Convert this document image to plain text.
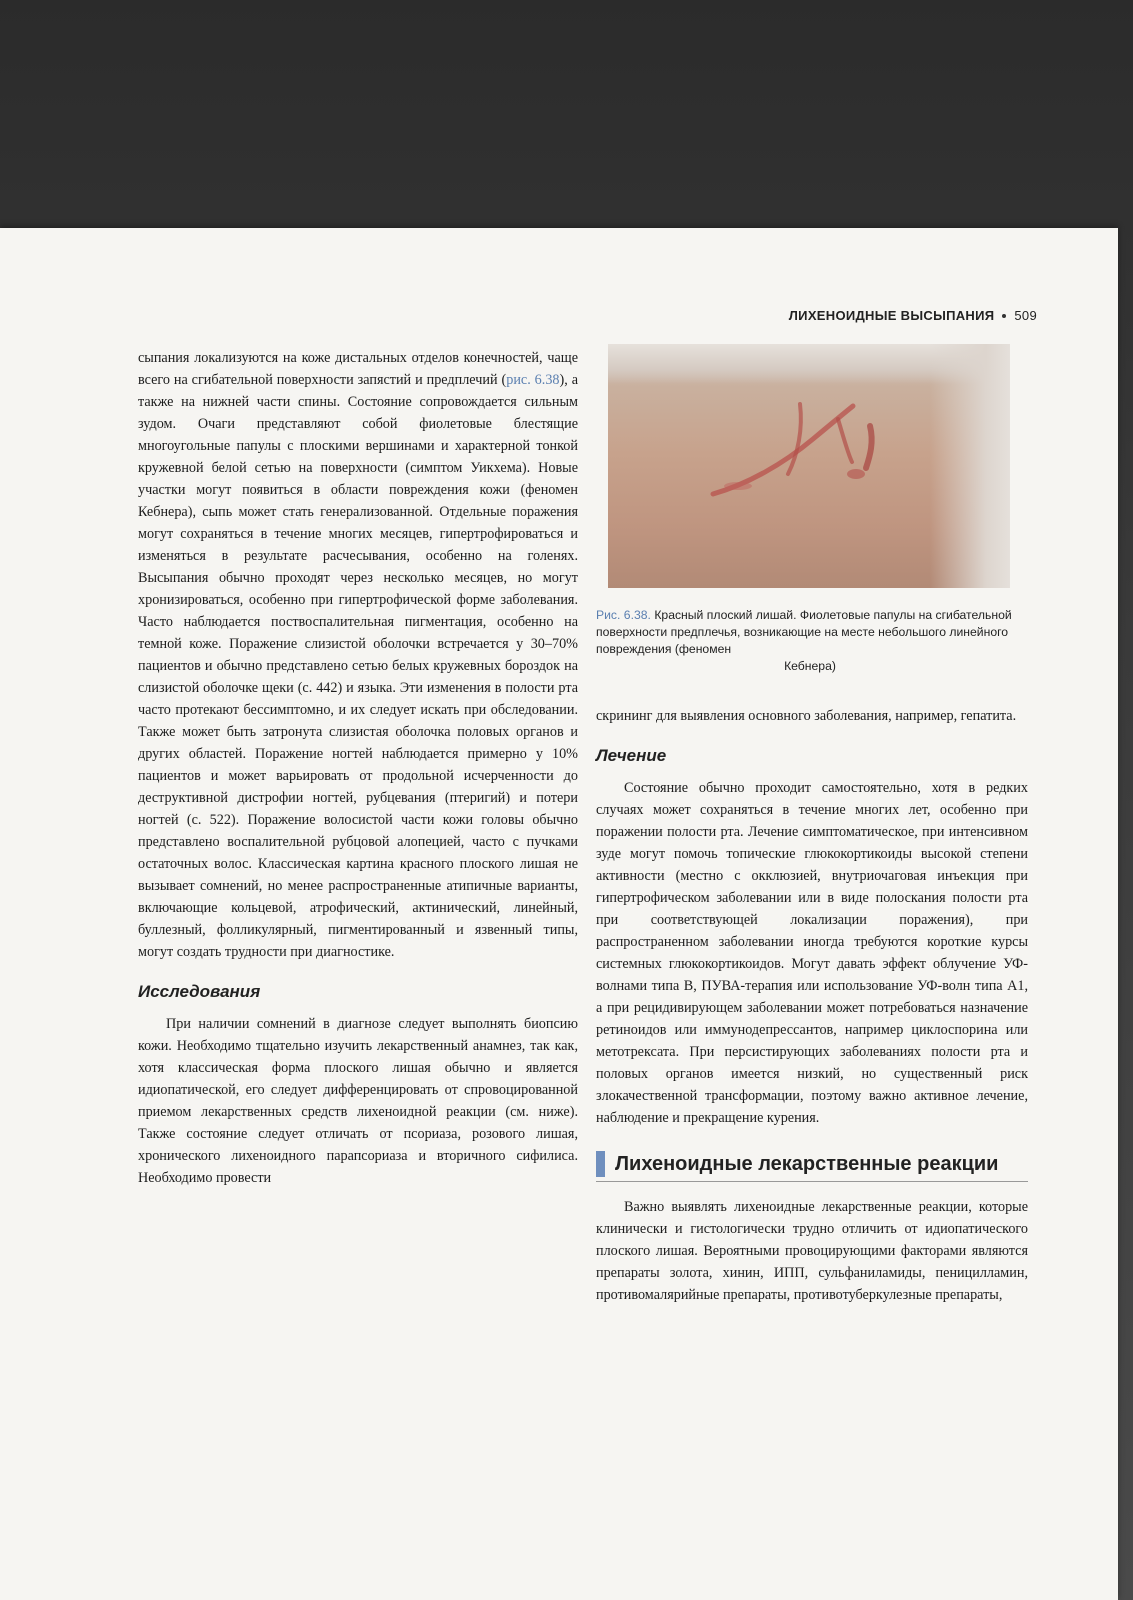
ЛИХЕНОИДНЫЕ ВЫСЫПАНИЯ 509

сыпания локализуются на коже дистальных отделов конечностей, чаще всего на сгибательной поверхности запястий и предплечий (рис. 6.38), а также на нижней части спины. Состояние сопровождается сильным зудом. Очаги представляют собой фиолетовые блестящие многоугольные папулы с плоскими вершинами и характерной тонкой кружевной белой сетью на поверхности (симптом Уикхема). Новые участки могут появиться в области повреждения кожи (феномен Кебнера), сыпь может стать генерализованной. Отдельные поражения могут сохраняться в течение многих месяцев, гипертрофироваться и изменяться в результате расчесывания, особенно на голенях. Высыпания обычно проходят через несколько месяцев, но могут хронизироваться, особенно при гипертрофической форме заболевания. Часто наблюдается поствоспалительная пигментация, особенно на темной коже. Поражение слизистой оболочки встречается у 30–70% пациентов и обычно представлено сетью белых кружевных бороздок на слизистой оболочке щеки (с. 442) и языка. Эти изменения в полости рта часто протекают бессимптомно, и их следует искать при обследовании. Также может быть затронута слизистая оболочка половых органов и других областей. Поражение ногтей наблюдается примерно у 10% пациентов и может варьировать от продольной исчерченности до деструктивной дистрофии ногтей, рубцевания (птеригий) и потери ногтей (с. 522). Поражение волосистой части кожи головы обычно представлено воспалительной рубцовой алопецией, часто с пучками остаточных волос. Классическая картина красного плоского лишая не вызывает сомнений, но менее распространенные атипичные варианты, включающие кольцевой, атрофический, актинический, линейный, буллезный, фолликулярный, пигментированный и язвенный типы, могут создать трудности при диагностике.

Исследования

При наличии сомнений в диагнозе следует выполнять биопсию кожи. Необходимо тщательно изучить лекарственный анамнез, так как, хотя классическая форма плоского лишая обычно и является идиопатической, его следует дифференцировать от спровоцированной приемом лекарственных средств лихеноидной реакции (см. ниже). Также состояние следует отличать от псориаза, розового лишая, хронического лихеноидного парапсориаза и вторичного сифилиса. Необходимо провести

Рис. 6.38. Красный плоский лишай. Фиолетовые папулы на сгибательной поверхности предплечья, возникающие на месте небольшого линейного повреждения (феномен
Кебнера)

скрининг для выявления основного заболевания, например, гепатита.

Лечение

Состояние обычно проходит самостоятельно, хотя в редких случаях может сохраняться в течение многих лет, особенно при поражении полости рта. Лечение симптоматическое, при интенсивном зуде могут помочь топические глюкокортикоиды высокой степени активности (местно с окклюзией, внутриочаговая инъекция при гипертрофическом заболевании или в виде полоскания полости рта при соответствующей локализации поражения), при распространенном заболевании иногда требуются короткие курсы системных глюкокортикоидов. Могут давать эффект облучение УФ-волнами типа В, ПУВА-терапия или использование УФ-волн типа A1, а при рецидивирующем заболевании может потребоваться назначение ретиноидов или иммунодепрессантов, например циклоспорина или метотрексата. При персистирующих заболеваниях полости рта и половых органов имеется низкий, но существенный риск злокачественной трансформации, поэтому важно активное лечение, наблюдение и прекращение курения.

Лихеноидные лекарственные реакции

Важно выявлять лихеноидные лекарственные реакции, которые клинически и гистологически трудно отличить от идиопатического плоского лишая. Вероятными провоцирующими факторами являются препараты золота, хинин, ИПП, сульфаниламиды, пеницилламин, противомалярийные препараты, противотуберкулезные препараты,
